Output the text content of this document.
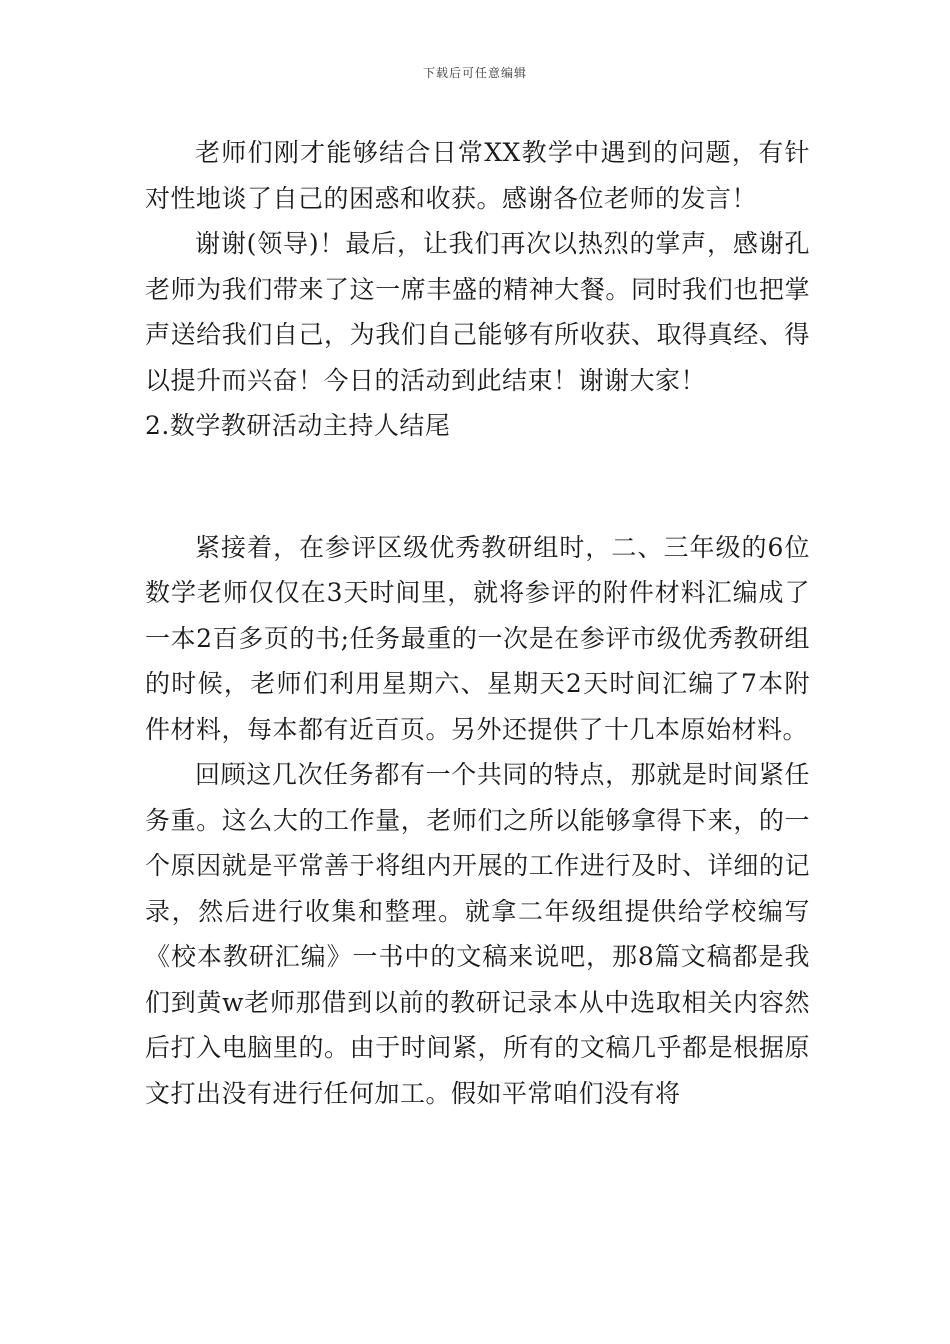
下载后可任意编辑

老师们刚才能够结合日常XX教学中遇到的问题，有针对性地谈了自己的困惑和收获。感谢各位老师的发言！

谢谢(领导)！最后，让我们再次以热烈的掌声，感谢孔老师为我们带来了这一席丰盛的精神大餐。同时我们也把掌声送给我们自己，为我们自己能够有所收获、取得真经、得以提升而兴奋！今日的活动到此结束！谢谢大家！

2.数学教研活动主持人结尾

紧接着，在参评区级优秀教研组时，二、三年级的6位数学老师仅仅在3天时间里，就将参评的附件材料汇编成了一本2百多页的书;任务最重的一次是在参评市级优秀教研组的时候，老师们利用星期六、星期天2天时间汇编了7本附件材料，每本都有近百页。另外还提供了十几本原始材料。

回顾这几次任务都有一个共同的特点，那就是时间紧任务重。这么大的工作量，老师们之所以能够拿得下来，的一个原因就是平常善于将组内开展的工作进行及时、详细的记录，然后进行收集和整理。就拿二年级组提供给学校编写《校本教研汇编》一书中的文稿来说吧，那8篇文稿都是我们到黄w老师那借到以前的教研记录本从中选取相关内容然后打入电脑里的。由于时间紧，所有的文稿几乎都是根据原文打出没有进行任何加工。假如平常咱们没有将
